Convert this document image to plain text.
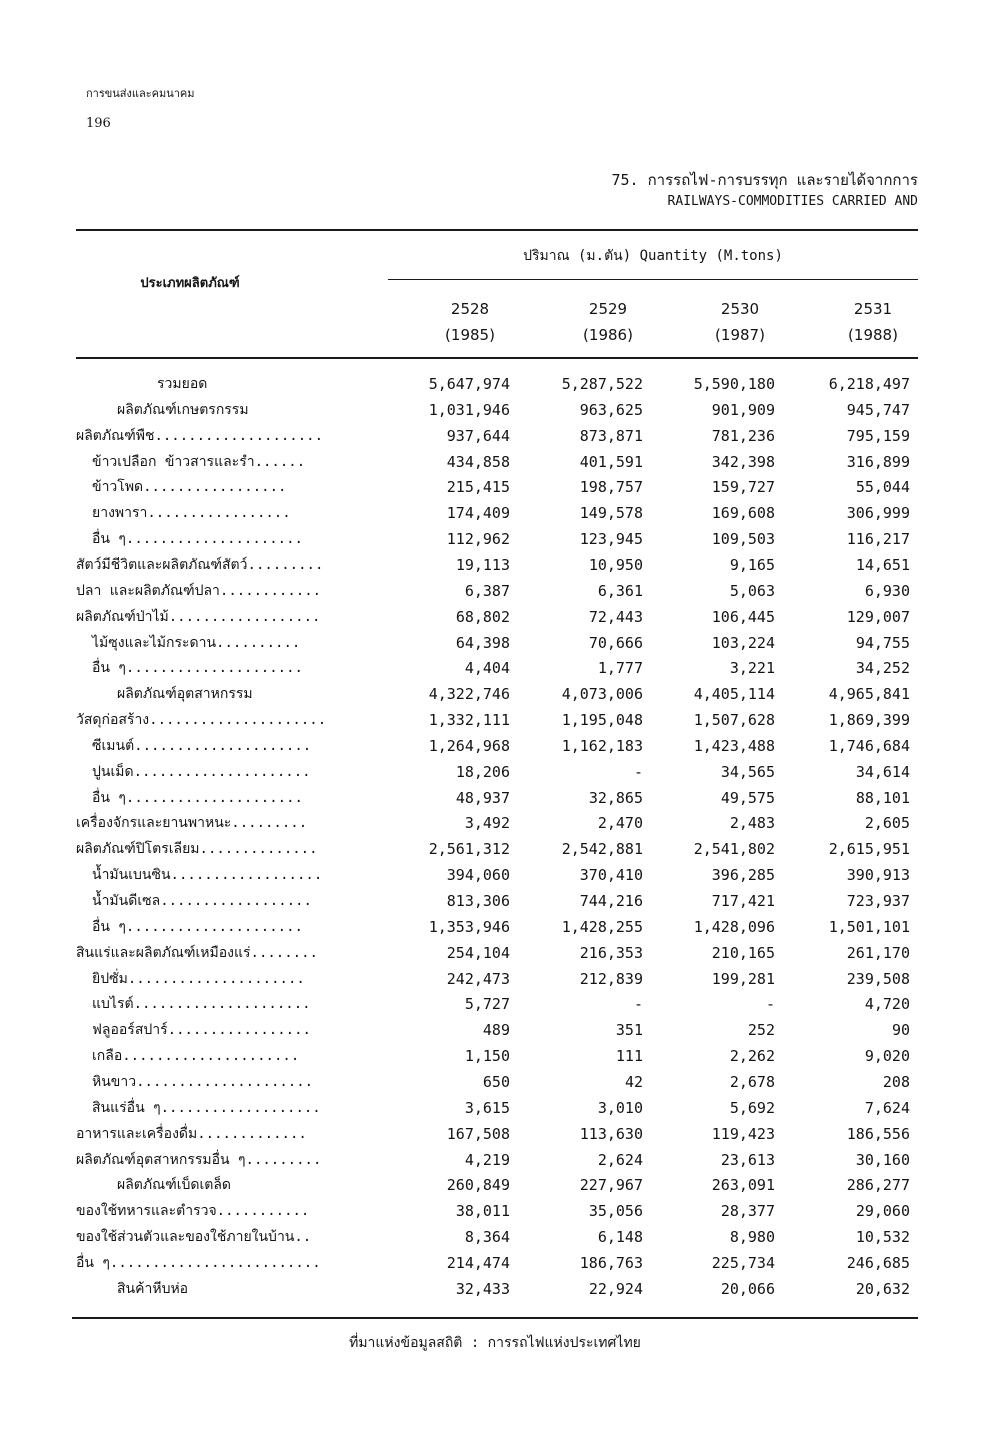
การขนส่งและคมนาคม
196
75. การรถไฟ-การบรรทุก และรายได้จากการ
RAILWAYS-COMMODITIES CARRIED AND
ปริมาณ (ม.ตัน) Quantity (M.tons)
ประเภทผลิตภัณฑ์
2528
(1985)
2529
(1986)
2530
(1987)
2531
(1988)
รวมยอด	5,647,974	5,287,522	5,590,180	6,218,497
ผลิตภัณฑ์เกษตรกรรม	1,031,946	963,625	901,909	945,747
ผลิตภัณฑ์พืช....................	937,644	873,871	781,236	795,159
ข้าวเปลือก ข้าวสารและรำ......	434,858	401,591	342,398	316,899
ข้าวโพด.................	215,415	198,757	159,727	55,044
ยางพารา.................	174,409	149,578	169,608	306,999
อื่น ๆ.....................	112,962	123,945	109,503	116,217
สัตว์มีชีวิตและผลิตภัณฑ์สัตว์.........	19,113	10,950	9,165	14,651
ปลา และผลิตภัณฑ์ปลา............	6,387	6,361	5,063	6,930
ผลิตภัณฑ์ป่าไม้..................	68,802	72,443	106,445	129,007
ไม้ซุงและไม้กระดาน..........	64,398	70,666	103,224	94,755
อื่น ๆ.....................	4,404	1,777	3,221	34,252
ผลิตภัณฑ์อุตสาหกรรม	4,322,746	4,073,006	4,405,114	4,965,841
วัสดุก่อสร้าง.....................	1,332,111	1,195,048	1,507,628	1,869,399
ซีเมนต์.....................	1,264,968	1,162,183	1,423,488	1,746,684
ปูนเม็ด.....................	18,206	-	34,565	34,614
อื่น ๆ.....................	48,937	32,865	49,575	88,101
เครื่องจักรและยานพาหนะ.........	3,492	2,470	2,483	2,605
ผลิตภัณฑ์ปิโตรเลียม..............	2,561,312	2,542,881	2,541,802	2,615,951
น้ำมันเบนซิน..................	394,060	370,410	396,285	390,913
น้ำมันดีเซล..................	813,306	744,216	717,421	723,937
อื่น ๆ.....................	1,353,946	1,428,255	1,428,096	1,501,101
สินแร่และผลิตภัณฑ์เหมืองแร่........	254,104	216,353	210,165	261,170
ยิปซั่ม.....................	242,473	212,839	199,281	239,508
แบไรต์.....................	5,727	-	-	4,720
ฟลูออร์สปาร์.................	489	351	252	90
เกลือ.....................	1,150	111	2,262	9,020
หินขาว.....................	650	42	2,678	208
สินแร่อื่น ๆ...................	3,615	3,010	5,692	7,624
อาหารและเครื่องดื่ม.............	167,508	113,630	119,423	186,556
ผลิตภัณฑ์อุตสาหกรรมอื่น ๆ.........	4,219	2,624	23,613	30,160
ผลิตภัณฑ์เบ็ดเตล็ด	260,849	227,967	263,091	286,277
ของใช้ทหารและตำรวจ...........	38,011	35,056	28,377	29,060
ของใช้ส่วนตัวและของใช้ภายในบ้าน..	8,364	6,148	8,980	10,532
อื่น ๆ.........................	214,474	186,763	225,734	246,685
สินค้าหีบห่อ	32,433	22,924	20,066	20,632
ที่มาแห่งข้อมูลสถิติ : การรถไฟแห่งประเทศไทย
